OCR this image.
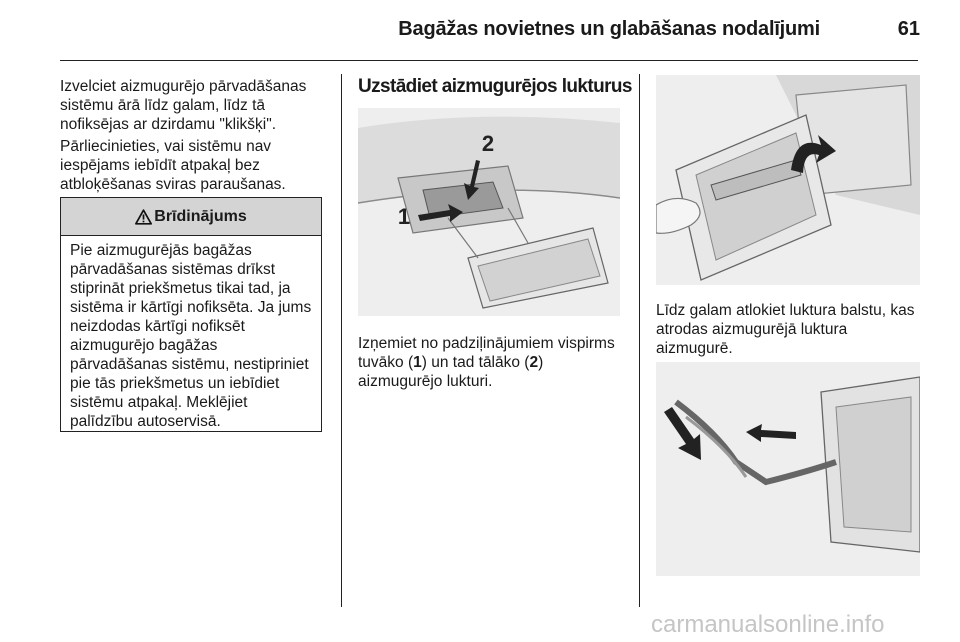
Bagāžas novietnes un glabāšanas nodalījumi	61

Izvelciet aizmugurējo pārvadāšanas sistēmu ārā līdz galam, līdz tā nofiksējas ar dzirdamu "klikšķi".

Pārliecinieties, vai sistēmu nav iespējams iebīdīt atpakaļ bez atbloķēšanas sviras paraušanas.

Brīdinājums

Pie aizmugurējās bagāžas pārvadāšanas sistēmas drīkst stiprināt priekšmetus tikai tad, ja sistēma ir kārtīgi nofiksēta. Ja jums neizdodas kārtīgi nofiksēt aizmugurējo bagāžas pārvadāšanas sistēmu, nestipriniet pie tās priekšmetus un iebīdiet sistēmu atpakaļ. Meklējiet palīdzību autoservisā.

Uzstādiet aizmugurējos lukturus
1
2

Izņemiet no padziļinājumiem vispirms tuvāko (1) un tad tālāko (2) aizmugurējo lukturi.

Līdz galam atlokiet luktura balstu, kas atrodas aizmugurējā luktura aizmugurē.

carmanualsonline.info
